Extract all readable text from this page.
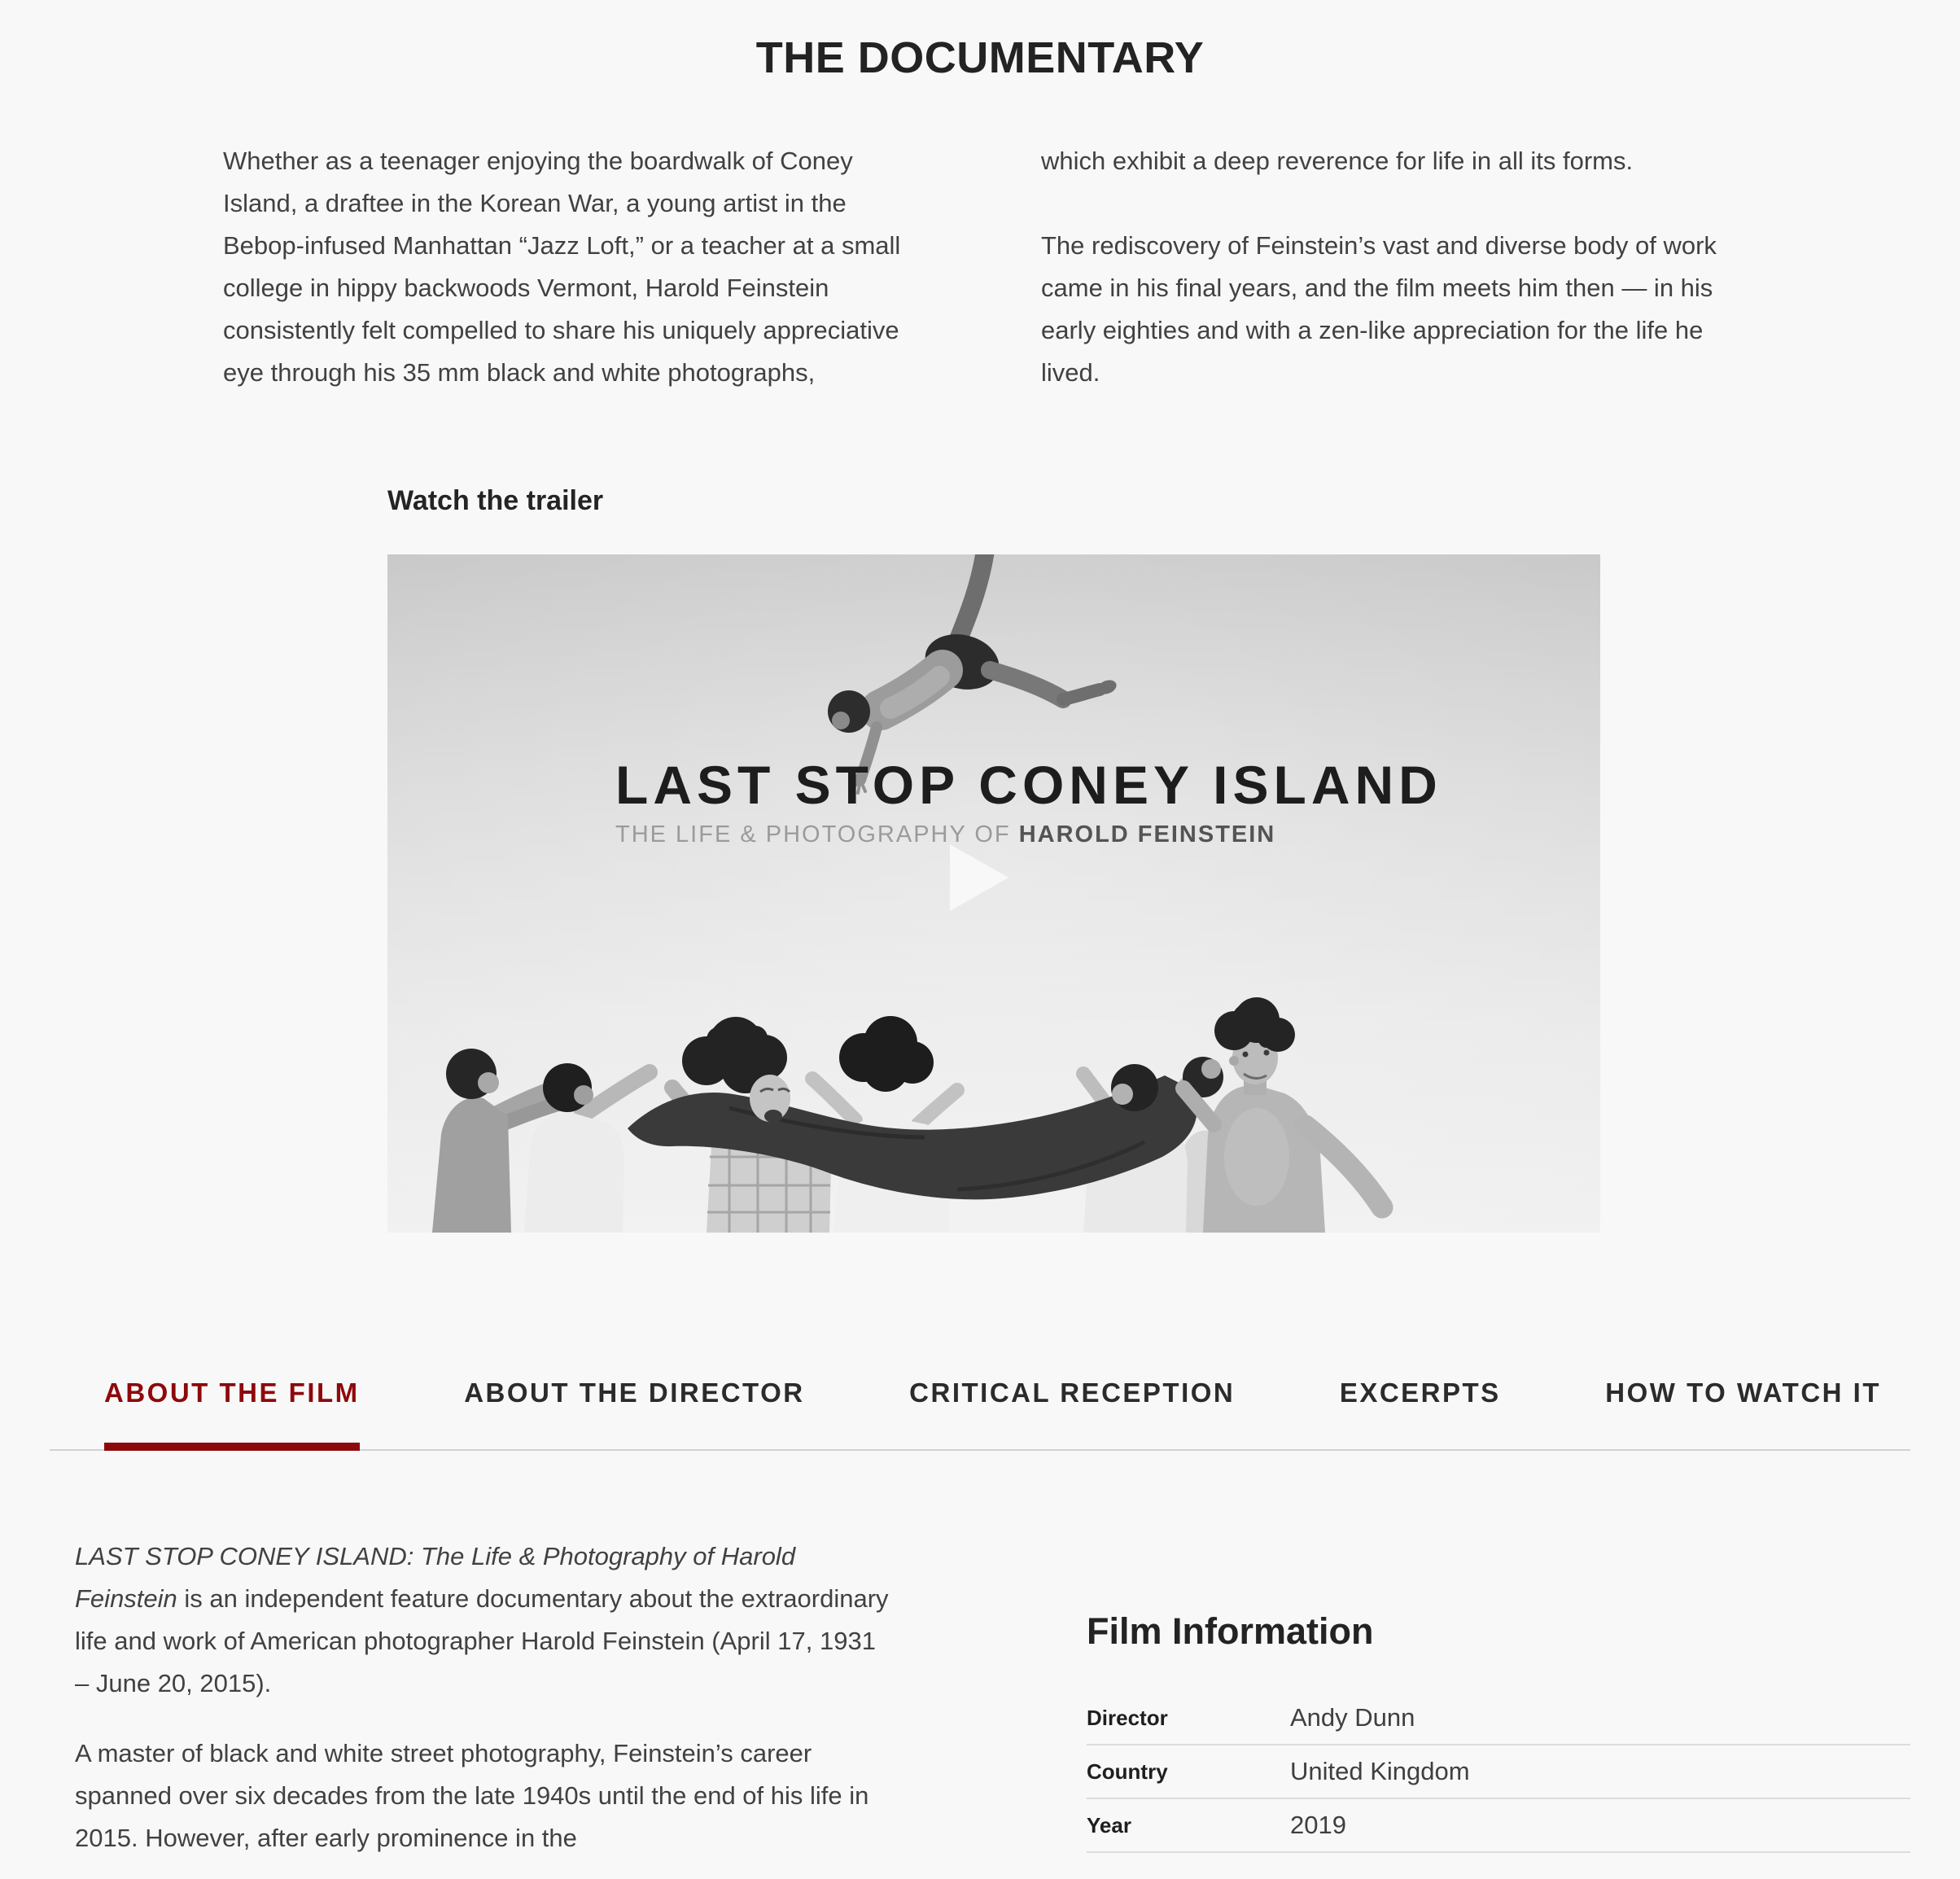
THE DOCUMENTARY

Whether as a teenager enjoying the boardwalk of Coney Island, a draftee in the Korean War, a young artist in the Bebop-infused Manhattan “Jazz Loft,” or a teacher at a small college in hippy backwoods Vermont, Harold Feinstein consistently felt compelled to share his uniquely appreciative eye through his 35 mm black and white photographs,

which exhibit a deep reverence for life in all its forms.

The rediscovery of Feinstein’s vast and diverse body of work came in his final years, and the film meets him then — in his early eighties and with a zen-like appreciation for the life he lived.

Watch the trailer
LAST STOP CONEY ISLAND
THE LIFE & PHOTOGRAPHY OF HAROLD FEINSTEIN
ABOUT THE FILM	ABOUT THE DIRECTOR	CRITICAL RECEPTION	EXCERPTS	HOW TO WATCH IT

LAST STOP CONEY ISLAND: The Life & Photography of Harold Feinstein is an independent feature documentary about the extraordinary life and work of American photographer Harold Feinstein (April 17, 1931 – June 20, 2015).

A master of black and white street photography, Feinstein’s career spanned over six decades from the late 1940s until the end of his life in 2015. However, after early prominence in the

Film Information
Director	Andy Dunn
Country	United Kingdom
Year	2019
